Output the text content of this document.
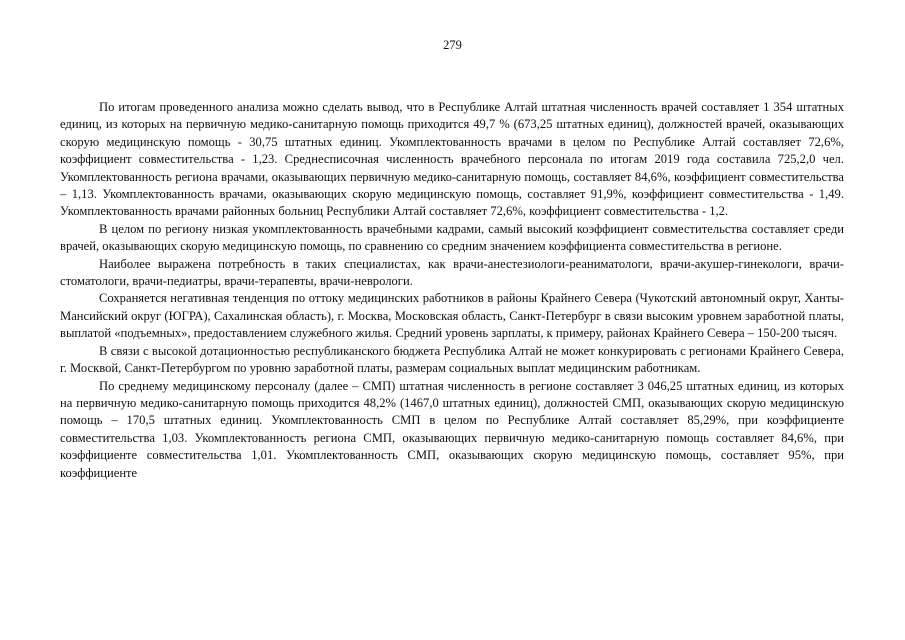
279

По итогам проведенного анализа можно сделать вывод, что в Республике Алтай штатная численность врачей составляет 1 354 штатных единиц, из которых на первичную медико-санитарную помощь приходится 49,7 % (673,25 штатных единиц), должностей врачей, оказывающих скорую медицинскую помощь - 30,75 штатных единиц. Укомплектованность врачами в целом по Республике Алтай составляет 72,6%, коэффициент совместительства - 1,23. Среднесписочная численность врачебного персонала по итогам 2019 года составила 725,2,0 чел. Укомплектованность региона врачами, оказывающих первичную медико-санитарную помощь, составляет 84,6%, коэффициент совместительства – 1,13. Укомплектованность врачами, оказывающих скорую медицинскую помощь, составляет 91,9%, коэффициент совместительства - 1,49. Укомплектованность врачами районных больниц Республики Алтай составляет 72,6%, коэффициент совместительства - 1,2.

В целом по региону низкая укомплектованность врачебными кадрами, самый высокий коэффициент совместительства составляет среди врачей, оказывающих скорую медицинскую помощь, по сравнению со средним значением коэффициента совместительства в регионе.

Наиболее выражена потребность в таких специалистах, как врачи-анестезиологи-реаниматологи, врачи-акушер-гинекологи, врачи-стоматологи, врачи-педиатры, врачи-терапевты, врачи-неврологи.

Сохраняется негативная тенденция по оттоку медицинских работников в районы Крайнего Севера (Чукотский автономный округ, Ханты-Мансийский округ (ЮГРА), Сахалинская область), г. Москва, Московская область, Санкт-Петербург в связи высоким уровнем заработной платы, выплатой «подъемных», предоставлением служебного жилья. Средний уровень зарплаты, к примеру, районах Крайнего Севера – 150-200 тысяч.

В связи с высокой дотационностью республиканского бюджета Республика Алтай не может конкурировать с регионами Крайнего Севера, г. Москвой, Санкт-Петербургом по уровню заработной платы, размерам социальных выплат медицинским работникам.

По среднему медицинскому персоналу (далее – СМП) штатная численность в регионе составляет 3 046,25 штатных единиц, из которых на первичную медико-санитарную помощь приходится 48,2% (1467,0 штатных единиц), должностей СМП, оказывающих скорую медицинскую помощь – 170,5 штатных единиц. Укомплектованность СМП в целом по Республике Алтай составляет 85,29%, при коэффициенте совместительства 1,03. Укомплектованность региона СМП, оказывающих первичную медико-санитарную помощь составляет 84,6%, при коэффициенте совместительства 1,01. Укомплектованность СМП, оказывающих скорую медицинскую помощь, составляет 95%, при коэффициенте
